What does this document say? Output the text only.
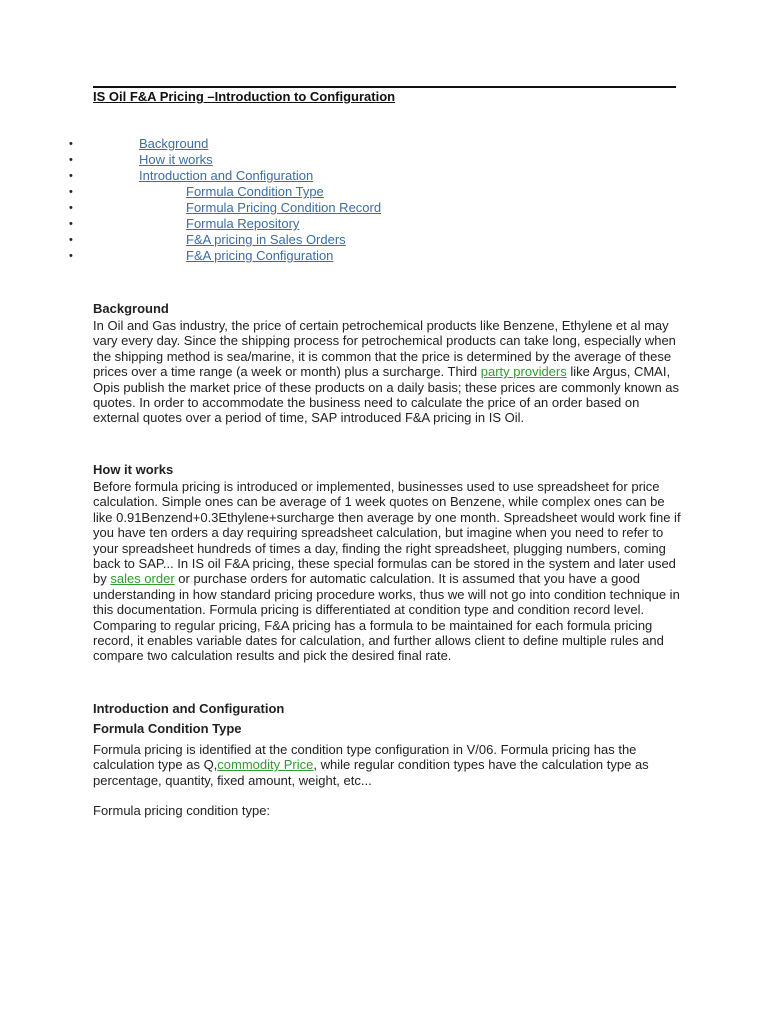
IS Oil F&A Pricing –Introduction to Configuration
•	Background
•	How it works
•	Introduction and Configuration
•	Formula Condition Type
•	Formula Pricing Condition Record
•	Formula Repository
•	F&A pricing in Sales Orders
•	F&A pricing Configuration
Background

In Oil and Gas industry, the price of certain petrochemical products like Benzene, Ethylene et al may vary every day. Since the shipping process for petrochemical products can take long, especially when the shipping method is sea/marine, it is common that the price is determined by the average of these prices over a time range (a week or month) plus a surcharge. Third party providers like Argus, CMAI, Opis publish the market price of these products on a daily basis; these prices are commonly known as quotes. In order to accommodate the business need to calculate the price of an order based on external quotes over a period of time, SAP introduced F&A pricing in IS Oil.

How it works

Before formula pricing is introduced or implemented, businesses used to use spreadsheet for price calculation. Simple ones can be average of 1 week quotes on Benzene, while complex ones can be like 0.91Benzend+0.3Ethylene+surcharge then average by one month. Spreadsheet would work fine if you have ten orders a day requiring spreadsheet calculation, but imagine when you need to refer to your spreadsheet hundreds of times a day, finding the right spreadsheet, plugging numbers, coming back to SAP... In IS oil F&A pricing, these special formulas can be stored in the system and later used by sales order or purchase orders for automatic calculation. It is assumed that you have a good understanding in how standard pricing procedure works, thus we will not go into condition technique in this documentation. Formula pricing is differentiated at condition type and condition record level. Comparing to regular pricing, F&A pricing has a formula to be maintained for each formula pricing record, it enables variable dates for calculation, and further allows client to define multiple rules and compare two calculation results and pick the desired final rate.

Introduction and Configuration
Formula Condition Type

Formula pricing is identified at the condition type configuration in V/06. Formula pricing has the calculation type as Q,commodity Price, while regular condition types have the calculation type as percentage, quantity, fixed amount, weight, etc...

Formula pricing condition type:
